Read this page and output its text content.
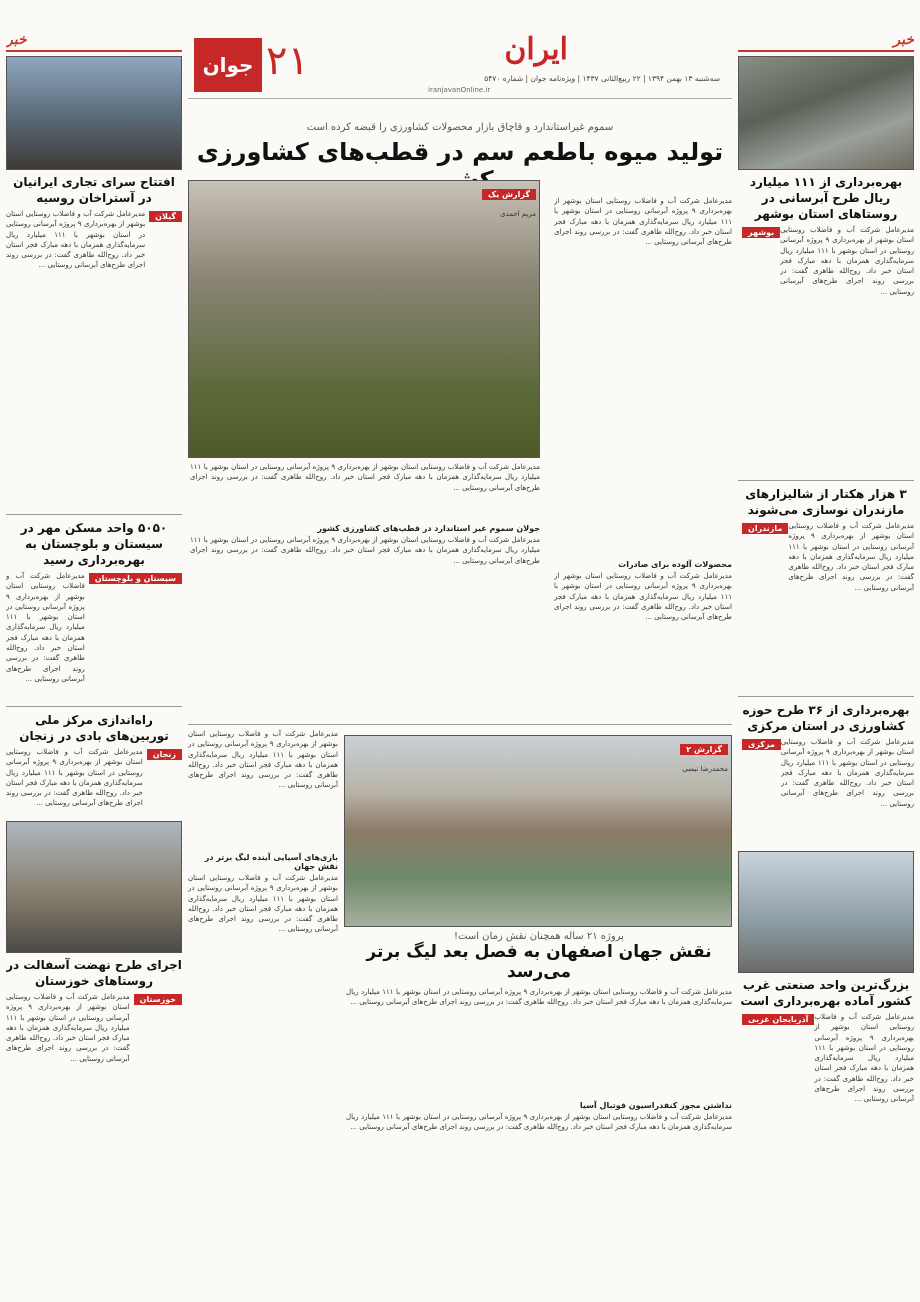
خبر
بهره‌برداری از ۱۱۱ میلیارد ریال طرح آبرسانی در روستاهای استان بوشهر
بوشهر مدیرعامل شرکت آب و فاضلاب روستایی استان بوشهر از بهره‌برداری ۹ پروژه آبرسانی روستایی در استان بوشهر با ۱۱۱ میلیارد ریال سرمایه‌گذاری همزمان با دهه مبارک فجر استان خبر داد. روح‌الله طاهری گفت: در بررسی روند اجرای طرح‌های آبرسانی روستایی ...
۳ هزار هکتار از شالیزارهای مازندران نوسازی می‌شوند
مازندران مدیرعامل شرکت آب و فاضلاب روستایی استان بوشهر از بهره‌برداری ۹ پروژه آبرسانی روستایی در استان بوشهر با ۱۱۱ میلیارد ریال سرمایه‌گذاری همزمان با دهه مبارک فجر استان خبر داد. روح‌الله طاهری گفت: در بررسی روند اجرای طرح‌های آبرسانی روستایی ...
بهره‌برداری از ۳۶ طرح حوزه کشاورزی در استان مرکزی
مرکزی مدیرعامل شرکت آب و فاضلاب روستایی استان بوشهر از بهره‌برداری ۹ پروژه آبرسانی روستایی در استان بوشهر با ۱۱۱ میلیارد ریال سرمایه‌گذاری همزمان با دهه مبارک فجر استان خبر داد. روح‌الله طاهری گفت: در بررسی روند اجرای طرح‌های آبرسانی روستایی ...
بزرگ‌ترین واحد صنعتی غرب کشور آماده بهره‌برداری است
آذربایجان غربی مدیرعامل شرکت آب و فاضلاب روستایی استان بوشهر از بهره‌برداری ۹ پروژه آبرسانی روستایی در استان بوشهر با ۱۱۱ میلیارد ریال سرمایه‌گذاری همزمان با دهه مبارک فجر استان خبر داد. روح‌الله طاهری گفت: در بررسی روند اجرای طرح‌های آبرسانی روستایی ...
خبر
افتتاح سرای تجاری ایرانیان در آستراخان روسیه
گیلان
مدیرعامل شرکت آب و فاضلاب روستایی استان بوشهر از بهره‌برداری ۹ پروژه آبرسانی روستایی در استان بوشهر با ۱۱۱ میلیارد ریال سرمایه‌گذاری همزمان با دهه مبارک فجر استان خبر داد. روح‌الله طاهری گفت: در بررسی روند اجرای طرح‌های آبرسانی روستایی ...
۵۰۵۰ واحد مسکن مهر در سیستان و بلوچستان به بهره‌برداری رسید
سیستان و بلوچستان
مدیرعامل شرکت آب و فاضلاب روستایی استان بوشهر از بهره‌برداری ۹ پروژه آبرسانی روستایی در استان بوشهر با ۱۱۱ میلیارد ریال سرمایه‌گذاری همزمان با دهه مبارک فجر استان خبر داد. روح‌الله طاهری گفت: در بررسی روند اجرای طرح‌های آبرسانی روستایی ...
راه‌اندازی مرکز ملی توربین‌های بادی در زنجان
زنجان
مدیرعامل شرکت آب و فاضلاب روستایی استان بوشهر از بهره‌برداری ۹ پروژه آبرسانی روستایی در استان بوشهر با ۱۱۱ میلیارد ریال سرمایه‌گذاری همزمان با دهه مبارک فجر استان خبر داد. روح‌الله طاهری گفت: در بررسی روند اجرای طرح‌های آبرسانی روستایی ...
اجرای طرح نهضت آسفالت در روستاهای خوزستان
خوزستان
مدیرعامل شرکت آب و فاضلاب روستایی استان بوشهر از بهره‌برداری ۹ پروژه آبرسانی روستایی در استان بوشهر با ۱۱۱ میلیارد ریال سرمایه‌گذاری همزمان با دهه مبارک فجر استان خبر داد. روح‌الله طاهری گفت: در بررسی روند اجرای طرح‌های آبرسانی روستایی ...
جوان ۲۱	ایران
سه‌شنبه ۱۳ بهمن ۱۳۹۴ | ۲۲ ربیع‌الثانی ۱۴۳۷ | ویژه‌نامه جوان | شماره ۵۴۷۰
iranjavanOnline.ir
سموم غیراستاندارد و قاچاق بازار محصولات کشاورزی را قبضه کرده است
تولید میوه باطعم سم در قطب‌های کشاورزی
مدیرعامل شرکت آب و فاضلاب روستایی استان بوشهر از بهره‌برداری ۹ پروژه آبرسانی روستایی در استان بوشهر با ۱۱۱ میلیارد ریال سرمایه‌گذاری همزمان با دهه مبارک فجر استان خبر داد. روح‌الله طاهری گفت: در بررسی روند اجرای طرح‌های آبرسانی روستایی ...
محصولات آلوده برای صادرات
مدیرعامل شرکت آب و فاضلاب روستایی استان بوشهر از بهره‌برداری ۹ پروژه آبرسانی روستایی در استان بوشهر با ۱۱۱ میلیارد ریال سرمایه‌گذاری همزمان با دهه مبارک فجر استان خبر داد. روح‌الله طاهری گفت: در بررسی روند اجرای طرح‌های آبرسانی روستایی ...
گزارش یک
مریم احمدی
مدیرعامل شرکت آب و فاضلاب روستایی استان بوشهر از بهره‌برداری ۹ پروژه آبرسانی روستایی در استان بوشهر با ۱۱۱ میلیارد ریال سرمایه‌گذاری همزمان با دهه مبارک فجر استان خبر داد. روح‌الله طاهری گفت: در بررسی روند اجرای طرح‌های آبرسانی روستایی ...
جولان سموم غیر استاندارد در قطب‌های کشاورزی کشور
مدیرعامل شرکت آب و فاضلاب روستایی استان بوشهر از بهره‌برداری ۹ پروژه آبرسانی روستایی در استان بوشهر با ۱۱۱ میلیارد ریال سرمایه‌گذاری همزمان با دهه مبارک فجر استان خبر داد. روح‌الله طاهری گفت: در بررسی روند اجرای طرح‌های آبرسانی روستایی ...
مدیرعامل شرکت آب و فاضلاب روستایی استان بوشهر از بهره‌برداری ۹ پروژه آبرسانی روستایی در استان بوشهر با ۱۱۱ میلیارد ریال سرمایه‌گذاری همزمان با دهه مبارک فجر استان خبر داد. روح‌الله طاهری گفت: در بررسی روند اجرای طرح‌های آبرسانی روستایی ...
بازی‌های آسیایی آینده لیگ برتر در نقش جهان
مدیرعامل شرکت آب و فاضلاب روستایی استان بوشهر از بهره‌برداری ۹ پروژه آبرسانی روستایی در استان بوشهر با ۱۱۱ میلیارد ریال سرمایه‌گذاری همزمان با دهه مبارک فجر استان خبر داد. روح‌الله طاهری گفت: در بررسی روند اجرای طرح‌های آبرسانی روستایی ...
گزارش ۲
محمدرضا نیسی
پروژه ۲۱ ساله همچنان نقش زمان است!
نقش جهان اصفهان به فصل بعد لیگ برتر می‌رسد
مدیرعامل شرکت آب و فاضلاب روستایی استان بوشهر از بهره‌برداری ۹ پروژه آبرسانی روستایی در استان بوشهر با ۱۱۱ میلیارد ریال سرمایه‌گذاری همزمان با دهه مبارک فجر استان خبر داد. روح‌الله طاهری گفت: در بررسی روند اجرای طرح‌های آبرسانی روستایی ...
نداشتن مجوز کنفدراسیون فوتبال آسیا
مدیرعامل شرکت آب و فاضلاب روستایی استان بوشهر از بهره‌برداری ۹ پروژه آبرسانی روستایی در استان بوشهر با ۱۱۱ میلیارد ریال سرمایه‌گذاری همزمان با دهه مبارک فجر استان خبر داد. روح‌الله طاهری گفت: در بررسی روند اجرای طرح‌های آبرسانی روستایی ...
